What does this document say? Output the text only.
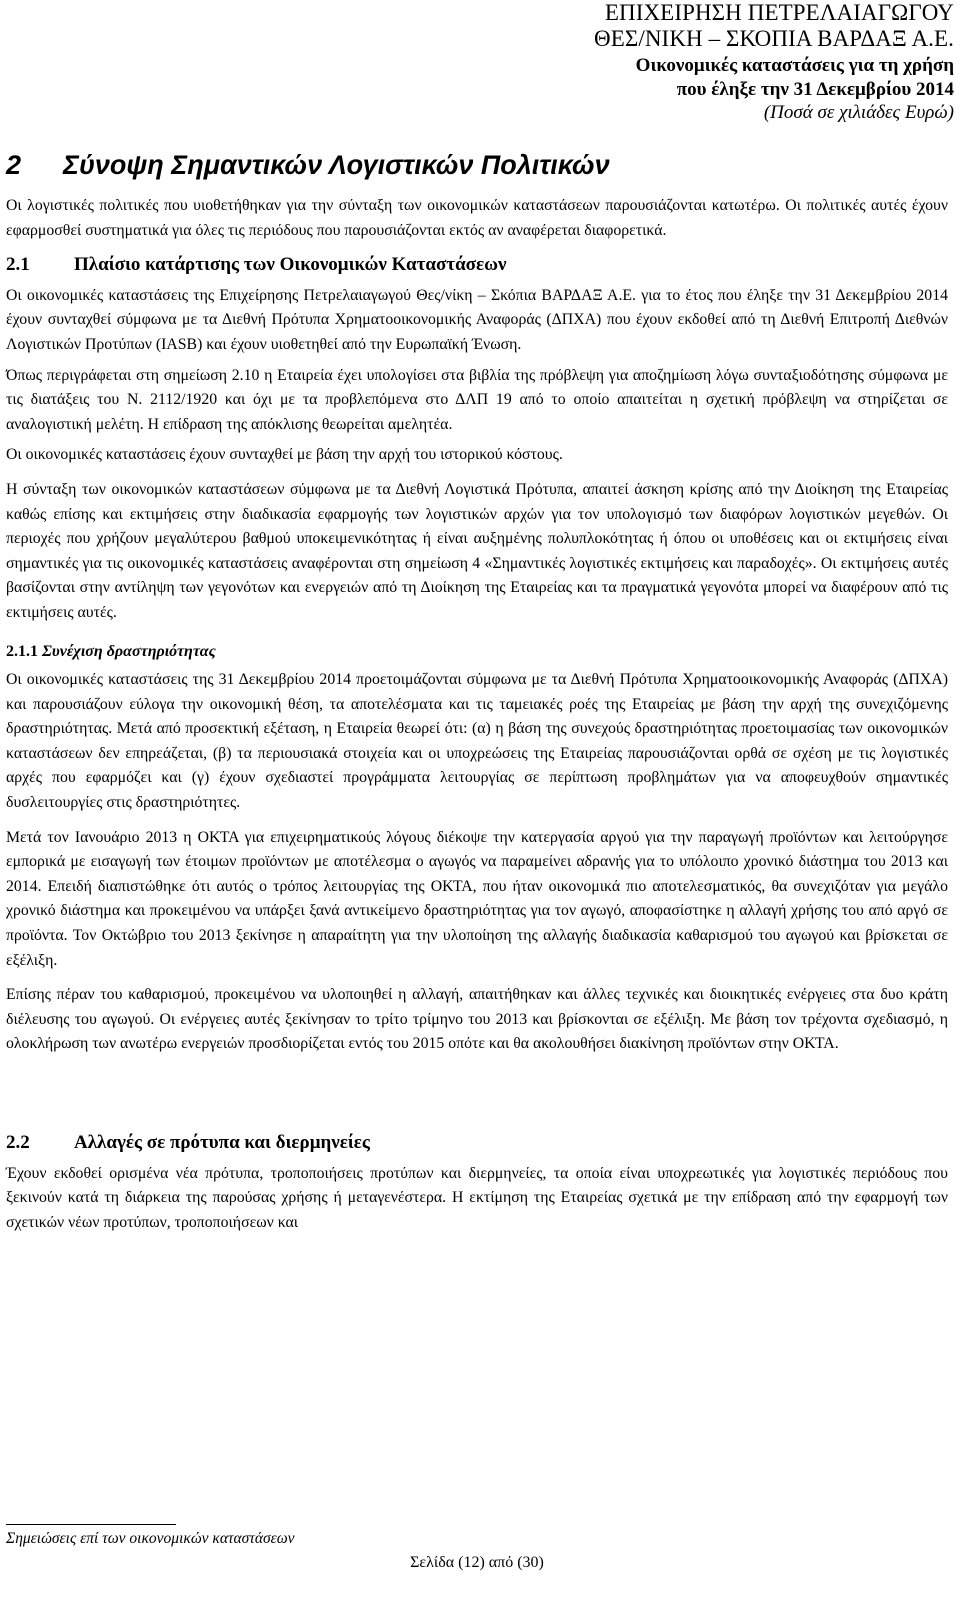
ΕΠΙΧΕΙΡΗΣΗ ΠΕΤΡΕΛΑΙΑΓΩΓΟΥ
ΘΕΣ/ΝΙΚΗ – ΣΚΟΠΙΑ ΒΑΡΔΑΞ Α.Ε.
Οικονομικές καταστάσεις για τη χρήση
που έληξε την 31 Δεκεμβρίου 2014
(Ποσά σε χιλιάδες Ευρώ)
2 Σύνοψη Σημαντικών Λογιστικών Πολιτικών

Οι λογιστικές πολιτικές που υιοθετήθηκαν για την σύνταξη των οικονομικών καταστάσεων παρουσιάζονται κατωτέρω. Οι πολιτικές αυτές έχουν εφαρμοσθεί συστηματικά για όλες τις περιόδους που παρουσιάζονται εκτός αν αναφέρεται διαφορετικά.

2.1 Πλαίσιο κατάρτισης των Οικονομικών Καταστάσεων

Οι οικονομικές καταστάσεις της Επιχείρησης Πετρελαιαγωγού Θες/νίκη – Σκόπια ΒΑΡΔΑΞ Α.Ε. για το έτος που έληξε την 31 Δεκεμβρίου 2014 έχουν συνταχθεί σύμφωνα με τα Διεθνή Πρότυπα Χρηματοοικονομικής Αναφοράς (ΔΠΧΑ) που έχουν εκδοθεί από τη Διεθνή Επιτροπή Διεθνών Λογιστικών Προτύπων (IASB) και έχουν υιοθετηθεί από την Ευρωπαϊκή Ένωση.

Όπως περιγράφεται στη σημείωση 2.10 η Εταιρεία έχει υπολογίσει στα βιβλία της πρόβλεψη για αποζημίωση λόγω συνταξιοδότησης σύμφωνα με τις διατάξεις του Ν. 2112/1920 και όχι με τα προβλεπόμενα στο ΔΛΠ 19 από το οποίο απαιτείται η σχετική πρόβλεψη να στηρίζεται σε αναλογιστική μελέτη. Η επίδραση της απόκλισης θεωρείται αμελητέα.

Οι οικονομικές καταστάσεις έχουν συνταχθεί με βάση την αρχή του ιστορικού κόστους.

Η σύνταξη των οικονομικών καταστάσεων σύμφωνα με τα Διεθνή Λογιστικά Πρότυπα, απαιτεί άσκηση κρίσης από την Διοίκηση της Εταιρείας καθώς επίσης και εκτιμήσεις στην διαδικασία εφαρμογής των λογιστικών αρχών για τον υπολογισμό των διαφόρων λογιστικών μεγεθών. Οι περιοχές που χρήζουν μεγαλύτερου βαθμού υποκειμενικότητας ή είναι αυξημένης πολυπλοκότητας ή όπου οι υποθέσεις και οι εκτιμήσεις είναι σημαντικές για τις οικονομικές καταστάσεις αναφέρονται στη σημείωση 4 «Σημαντικές λογιστικές εκτιμήσεις και παραδοχές». Οι εκτιμήσεις αυτές βασίζονται στην αντίληψη των γεγονότων και ενεργειών από τη Διοίκηση της Εταιρείας και τα πραγματικά γεγονότα μπορεί να διαφέρουν από τις εκτιμήσεις αυτές.

2.1.1 Συνέχιση δραστηριότητας

Οι οικονομικές καταστάσεις της 31 Δεκεμβρίου 2014 προετοιμάζονται σύμφωνα με τα Διεθνή Πρότυπα Χρηματοοικονομικής Αναφοράς (ΔΠΧΑ) και παρουσιάζουν εύλογα την οικονομική θέση, τα αποτελέσματα και τις ταμειακές ροές της Εταιρείας με βάση την αρχή της συνεχιζόμενης δραστηριότητας. Μετά από προσεκτική εξέταση, η Εταιρεία θεωρεί ότι: (α) η βάση της συνεχούς δραστηριότητας προετοιμασίας των οικονομικών καταστάσεων δεν επηρεάζεται, (β) τα περιουσιακά στοιχεία και οι υποχρεώσεις της Εταιρείας παρουσιάζονται ορθά σε σχέση με τις λογιστικές αρχές που εφαρμόζει και (γ) έχουν σχεδιαστεί προγράμματα λειτουργίας σε περίπτωση προβλημάτων για να αποφευχθούν σημαντικές δυσλειτουργίες στις δραστηριότητες.

Μετά τον Ιανουάριο 2013 η ΟΚΤΑ για επιχειρηματικούς λόγους διέκοψε την κατεργασία αργού για την παραγωγή προϊόντων και λειτούργησε εμπορικά με εισαγωγή των έτοιμων προϊόντων με αποτέλεσμα ο αγωγός να παραμείνει αδρανής για το υπόλοιπο χρονικό διάστημα του 2013 και 2014. Επειδή διαπιστώθηκε ότι αυτός ο τρόπος λειτουργίας της ΟΚΤΑ, που ήταν οικονομικά πιο αποτελεσματικός, θα συνεχιζόταν για μεγάλο χρονικό διάστημα και προκειμένου να υπάρξει ξανά αντικείμενο δραστηριότητας για τον αγωγό, αποφασίστηκε η αλλαγή χρήσης του από αργό σε προϊόντα. Τον Οκτώβριο του 2013 ξεκίνησε η απαραίτητη για την υλοποίηση της αλλαγής διαδικασία καθαρισμού του αγωγού και βρίσκεται σε εξέλιξη.

Επίσης πέραν του καθαρισμού, προκειμένου να υλοποιηθεί η αλλαγή, απαιτήθηκαν και άλλες τεχνικές και διοικητικές ενέργειες στα δυο κράτη διέλευσης του αγωγού. Οι ενέργειες αυτές ξεκίνησαν το τρίτο τρίμηνο του 2013 και βρίσκονται σε εξέλιξη. Με βάση τον τρέχοντα σχεδιασμό, η ολοκλήρωση των ανωτέρω ενεργειών προσδιορίζεται εντός του 2015 οπότε και θα ακολουθήσει διακίνηση προϊόντων στην ΟΚΤΑ.

2.2 Αλλαγές σε πρότυπα και διερμηνείες

Έχουν εκδοθεί ορισμένα νέα πρότυπα, τροποποιήσεις προτύπων και διερμηνείες, τα οποία είναι υποχρεωτικές για λογιστικές περιόδους που ξεκινούν κατά τη διάρκεια της παρούσας χρήσης ή μεταγενέστερα. Η εκτίμηση της Εταιρείας σχετικά με την επίδραση από την εφαρμογή των σχετικών νέων προτύπων, τροποποιήσεων και

Σημειώσεις επί των οικονομικών καταστάσεων
Σελίδα (12) από (30)
